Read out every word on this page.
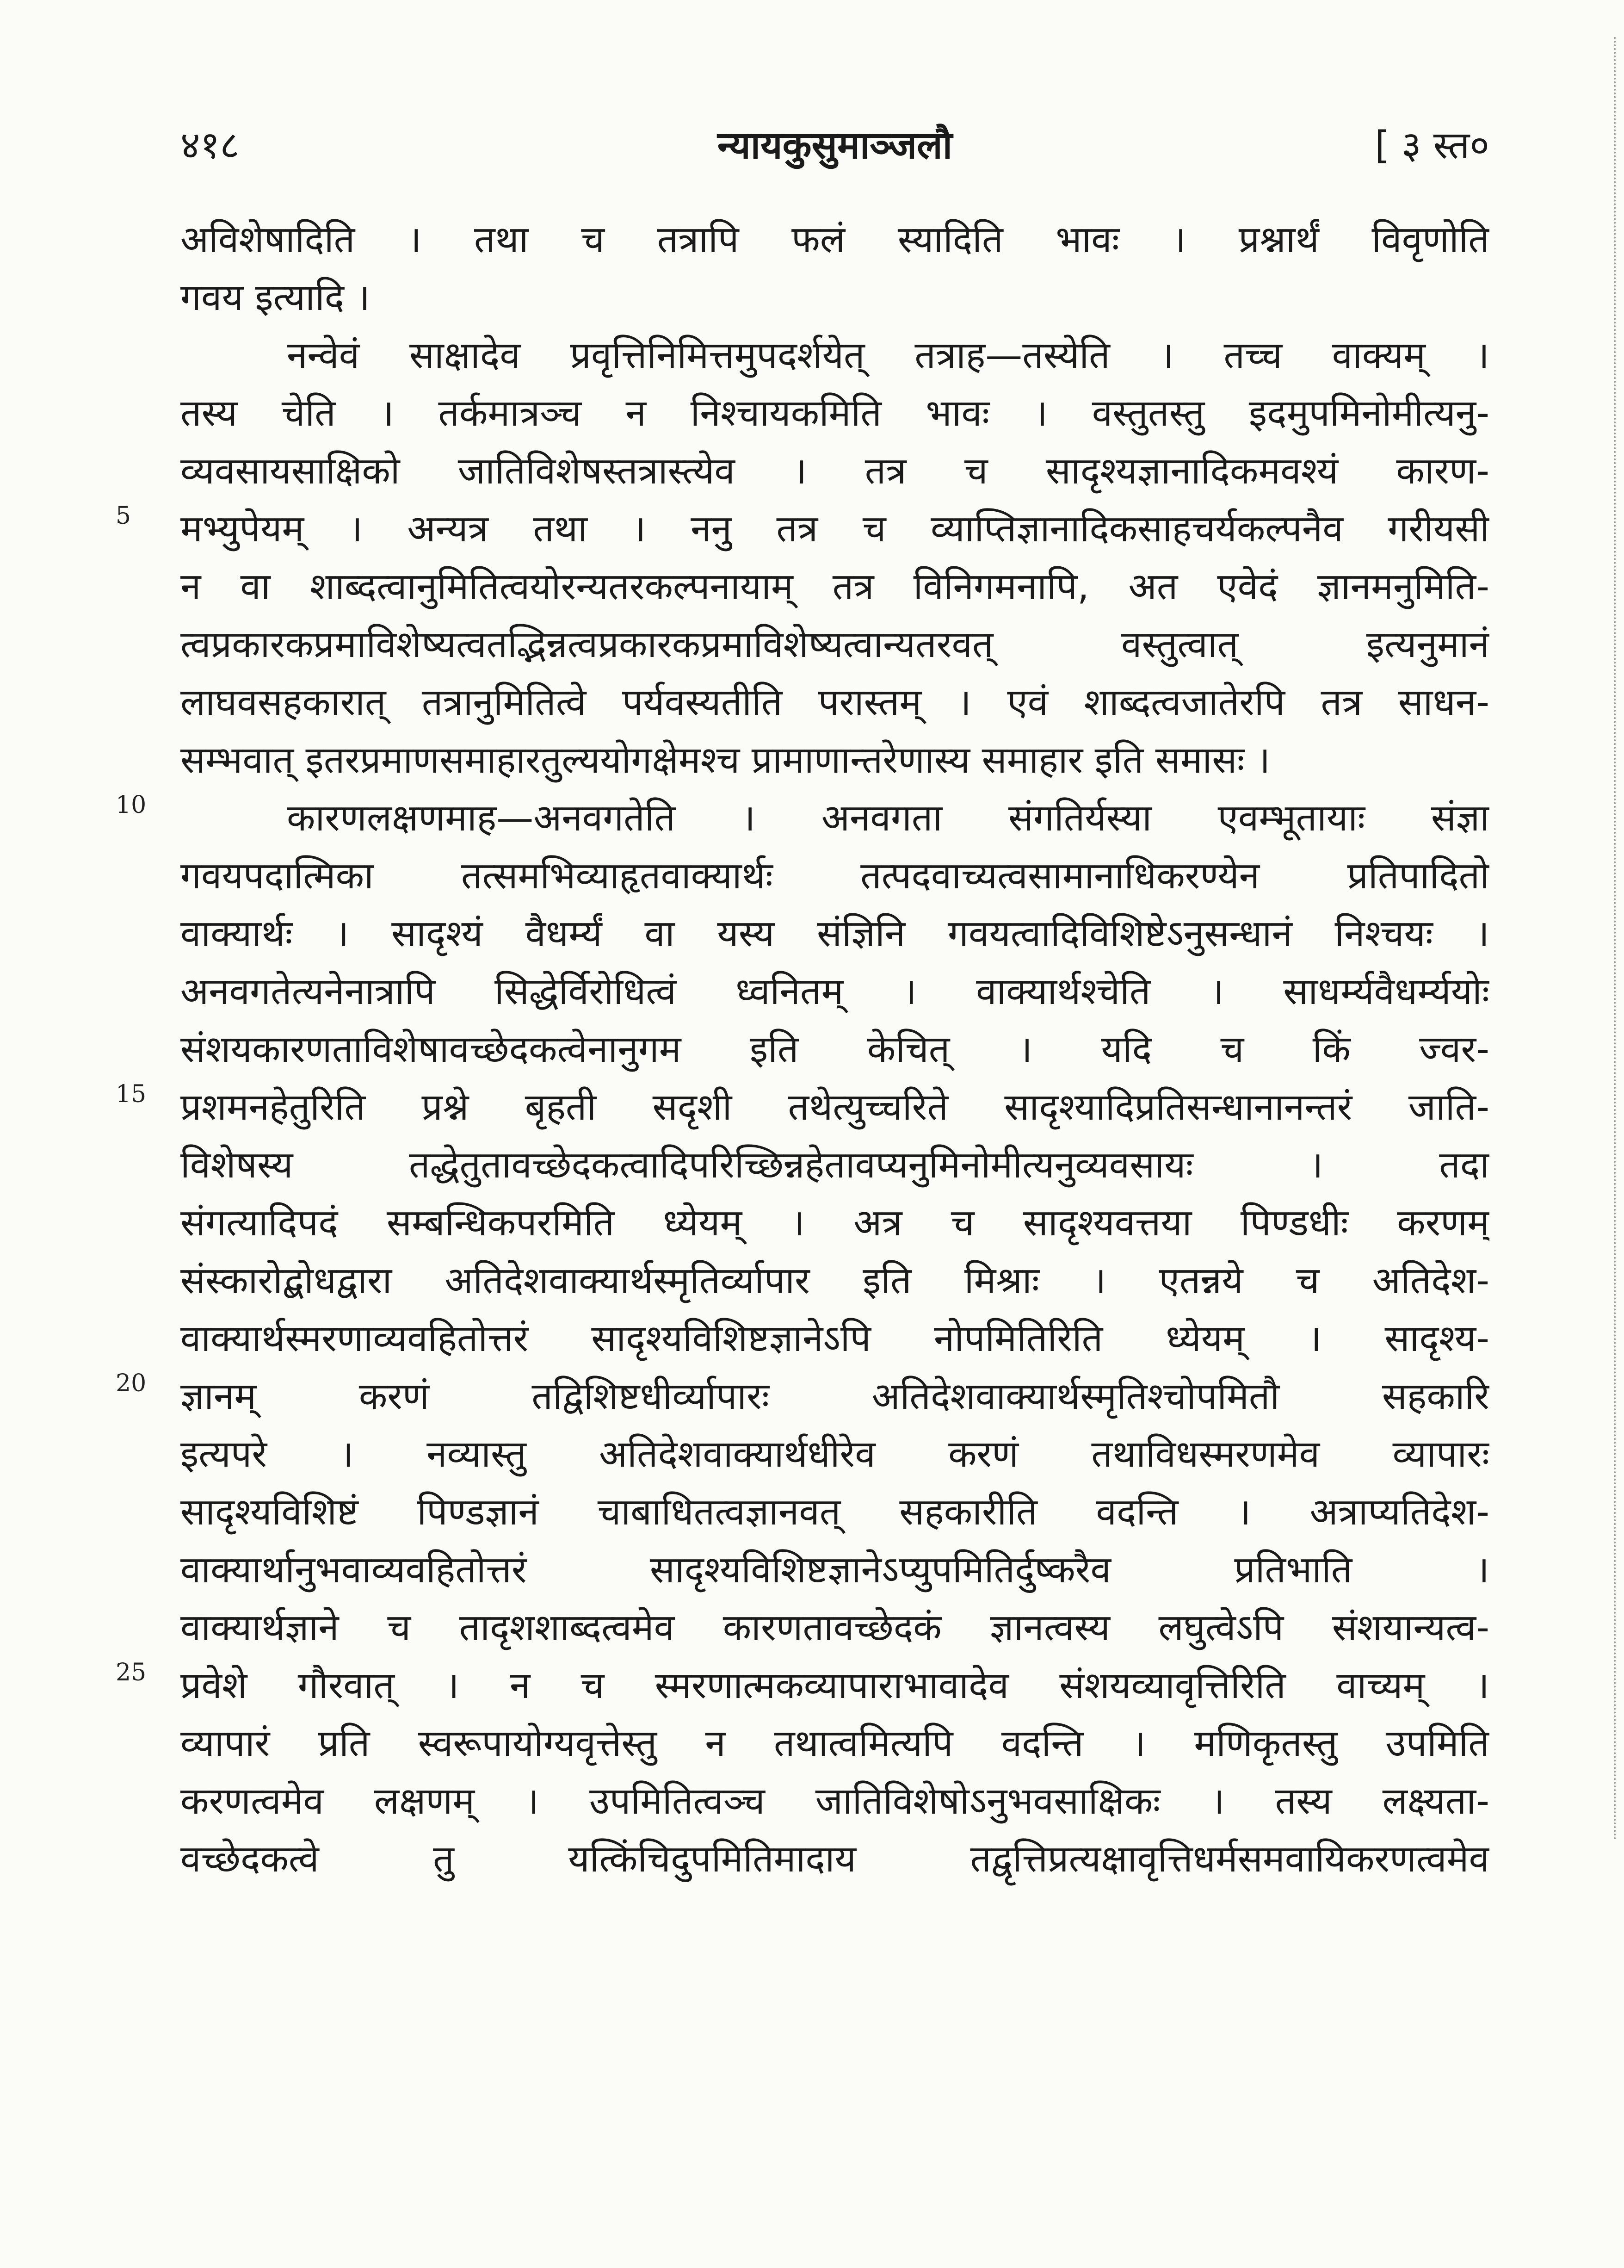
४१८	न्यायकुसुमाञ्जलौ	[ ३ स्त०
अविशेषादिति । तथा च तत्रापि फलं स्यादिति भावः । प्रश्नार्थं विवृणोति
गवय इत्यादि ।
नन्वेवं साक्षादेव प्रवृत्तिनिमित्तमुपदर्शयेत् तत्राह—तस्येति । तच्च वाक्यम् ।
तस्य चेति । तर्कमात्रञ्च न निश्चायकमिति भावः । वस्तुतस्तु इदमुपमिनोमीत्यनु-
व्यवसायसाक्षिको जातिविशेषस्तत्रास्त्येव । तत्र च सादृश्यज्ञानादिकमवश्यं कारण-
मभ्युपेयम् । अन्यत्र तथा । ननु तत्र च व्याप्तिज्ञानादिकसाहचर्यकल्पनैव गरीयसी
न वा शाब्दत्वानुमितित्वयोरन्यतरकल्पनायाम् तत्र विनिगमनापि, अत एवेदं ज्ञानमनुमिति-
त्वप्रकारकप्रमाविशेष्यत्वतद्भिन्नत्वप्रकारकप्रमाविशेष्यत्वान्यतरवत् वस्तुत्वात् इत्यनुमानं
लाघवसहकारात् तत्रानुमितित्वे पर्यवस्यतीति परास्तम् । एवं शाब्दत्वजातेरपि तत्र साधन-
सम्भवात् इतरप्रमाणसमाहारतुल्ययोगक्षेमश्च प्रामाणान्तरेणास्य समाहार इति समासः ।
कारणलक्षणमाह—अनवगतेति । अनवगता संगतिर्यस्या एवम्भूतायाः संज्ञा
गवयपदात्मिका तत्समभिव्याहृतवाक्यार्थः तत्पदवाच्यत्वसामानाधिकरण्येन प्रतिपादितो
वाक्यार्थः । सादृश्यं वैधर्म्यं वा यस्य संज्ञिनि गवयत्वादिविशिष्टेऽनुसन्धानं निश्चयः ।
अनवगतेत्यनेनात्रापि सिद्धेर्विरोधित्वं ध्वनितम् । वाक्यार्थश्चेति । साधर्म्यवैधर्म्ययोः
संशयकारणताविशेषावच्छेदकत्वेनानुगम इति केचित् । यदि च किं ज्वर-
प्रशमनहेतुरिति प्रश्ने बृहती सदृशी तथेत्युच्चरिते सादृश्यादिप्रतिसन्धानानन्तरं जाति-
विशेषस्य तद्धेतुतावच्छेदकत्वादिपरिच्छिन्नहेतावप्यनुमिनोमीत्यनुव्यवसायः । तदा
संगत्यादिपदं सम्बन्धिकपरमिति ध्येयम् । अत्र च सादृश्यवत्तया पिण्डधीः करणम्
संस्कारोद्बोधद्वारा अतिदेशवाक्यार्थस्मृतिर्व्यापार इति मिश्राः । एतन्नये च अतिदेश-
वाक्यार्थस्मरणाव्यवहितोत्तरं सादृश्यविशिष्टज्ञानेऽपि नोपमितिरिति ध्येयम् । सादृश्य-
ज्ञानम् करणं तद्विशिष्टधीर्व्यापारः अतिदेशवाक्यार्थस्मृतिश्चोपमितौ सहकारि
इत्यपरे । नव्यास्तु अतिदेशवाक्यार्थधीरेव करणं तथाविधस्मरणमेव व्यापारः
सादृश्यविशिष्टं पिण्डज्ञानं चाबाधितत्वज्ञानवत् सहकारीति वदन्ति । अत्राप्यतिदेश-
वाक्यार्थानुभवाव्यवहितोत्तरं सादृश्यविशिष्टज्ञानेऽप्युपमितिर्दुष्करैव प्रतिभाति ।
वाक्यार्थज्ञाने च तादृशशाब्दत्वमेव कारणतावच्छेदकं ज्ञानत्वस्य लघुत्वेऽपि संशयान्यत्व-
प्रवेशे गौरवात् । न च स्मरणात्मकव्यापाराभावादेव संशयव्यावृत्तिरिति वाच्यम् ।
व्यापारं प्रति स्वरूपायोग्यवृत्तेस्तु न तथात्वमित्यपि वदन्ति । मणिकृतस्तु उपमिति
करणत्वमेव लक्षणम् । उपमितित्वञ्च जातिविशेषोऽनुभवसाक्षिकः । तस्य लक्ष्यता-
वच्छेदकत्वे तु यत्किंचिदुपमितिमादाय तद्वृत्तिप्रत्यक्षावृत्तिधर्मसमवायिकरणत्वमेव
5
10
15
20
25
